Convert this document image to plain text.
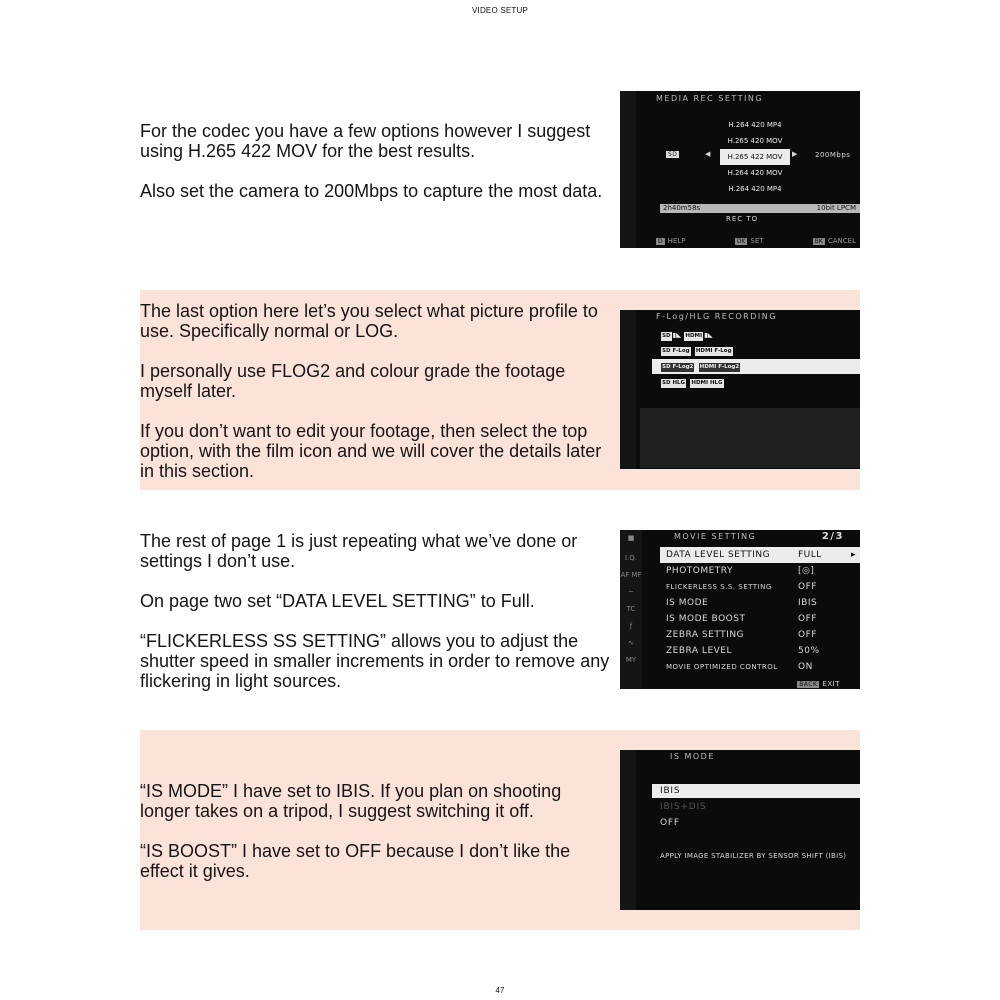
VIDEO SETUP

For the codec you have a few options however I suggest using H.265 422 MOV for the best results.

Also set the camera to 200Mbps to capture the most data.

The last option here let’s you select what picture profile to use. Specifically normal or LOG.

I personally use FLOG2 and colour grade the footage myself later.

If you don’t want to edit your footage, then select the top option, with the film icon and we will cover the details later in this section.

The rest of page 1 is just repeating what we’ve done or settings I don’t use.

On page two set “DATA LEVEL SETTING” to Full.

“FLICKERLESS SS SETTING” allows you to adjust the shutter speed in smaller increments in order to remove any flickering in light sources.

“IS MODE” I have set to IBIS. If you plan on shooting longer takes on a tripod, I suggest switching it off.

“IS BOOST” I have set to OFF because I don’t like the effect it gives.

MEDIA REC SETTING
SD	◀
H.264 420 MP4
H.265 420 MOV
H.265 422 MOV
H.264 420 MOV
H.264 420 MP4
▶ 200Mbps
2h40m58s	10bit LPCM
REC TO
D HELP	OK SET	BK CANCEL
F-Log/HLG RECORDING
SD ▮◣ HDMI ▮◣
SD F-Log HDMI F-Log
SD F-Log2 HDMI F-Log2
SD HLG HDMI HLG
■
I.Q.
AF MF
~
TC
ƒ
∿
MY
MOVIE SETTING	2/3
DATA LEVEL SETTING	FULL	▸
PHOTOMETRY	[◎]
FLICKERLESS S.S. SETTING	OFF
IS MODE	IBIS
IS MODE BOOST	OFF
ZEBRA SETTING	OFF
ZEBRA LEVEL	50%
MOVIE OPTIMIZED CONTROL ON
BACK EXIT
IS MODE
IBIS
IBIS+DIS
OFF
APPLY IMAGE STABILIZER BY SENSOR SHIFT (IBIS)
47
